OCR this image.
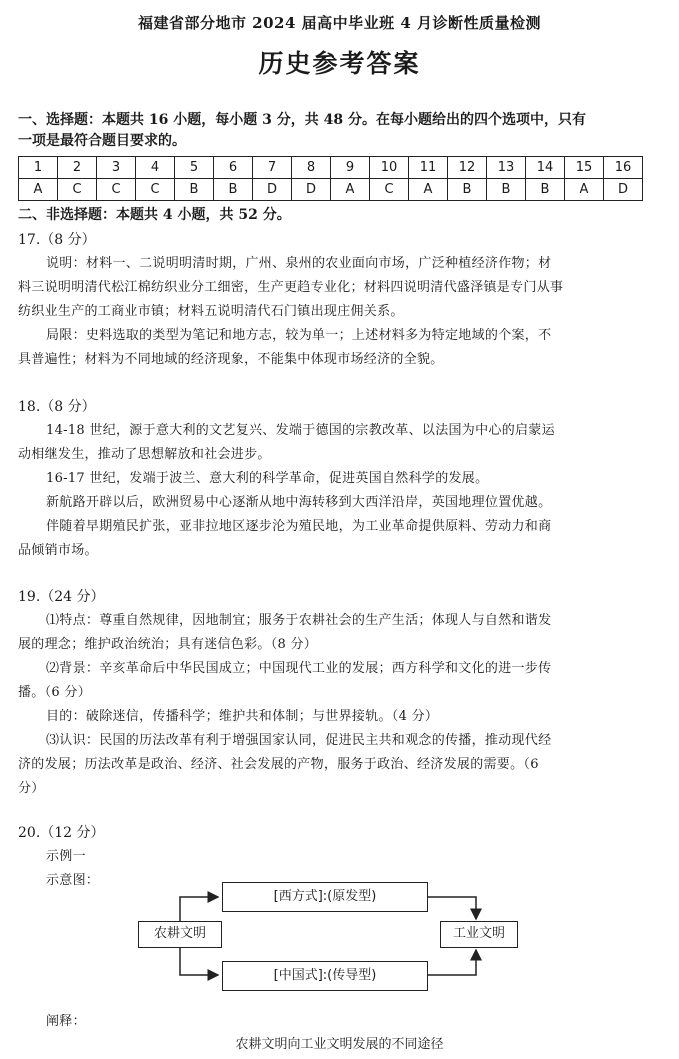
福建省部分地市 2024 届高中毕业班 4 月诊断性质量检测
历史参考答案
一、选择题：本题共 16 小题，每小题 3 分，共 48 分。在每小题给出的四个选项中，只有
一项是最符合题目要求的。
1	2	3	4	5	6	7	8	9	10	11	12	13	14	15	16
A	C	C	C	B	B	D	D	A	C	A	B	B	B	A	D
二、非选择题：本题共 4 小题，共 52 分。
17.（8 分）
说明：材料一、二说明明清时期，广州、泉州的农业面向市场，广泛种植经济作物；材
料三说明明清代松江棉纺织业分工细密，生产更趋专业化；材料四说明清代盛泽镇是专门从事
纺织业生产的工商业市镇；材料五说明清代石门镇出现庄佣关系。
局限：史料选取的类型为笔记和地方志，较为单一；上述材料多为特定地域的个案，不
具普遍性；材料为不同地域的经济现象，不能集中体现市场经济的全貌。
18.（8 分）
14-18 世纪，源于意大利的文艺复兴、发端于德国的宗教改革、以法国为中心的启蒙运
动相继发生，推动了思想解放和社会进步。
16-17 世纪，发端于波兰、意大利的科学革命，促进英国自然科学的发展。
新航路开辟以后，欧洲贸易中心逐渐从地中海转移到大西洋沿岸，英国地理位置优越。
伴随着早期殖民扩张，亚非拉地区逐步沦为殖民地，为工业革命提供原料、劳动力和商
品倾销市场。
19.（24 分）
⑴特点：尊重自然规律，因地制宜；服务于农耕社会的生产生活；体现人与自然和谐发
展的理念；维护政治统治；具有迷信色彩。（8 分）
⑵背景：辛亥革命后中华民国成立；中国现代工业的发展；西方科学和文化的进一步传
播。（6 分）
目的：破除迷信，传播科学；维护共和体制；与世界接轨。（4 分）
⑶认识：民国的历法改革有利于增强国家认同，促进民主共和观念的传播，推动现代经
济的发展；历法改革是政治、经济、社会发展的产物，服务于政治、经济发展的需要。（6
分）
20.（12 分）
示例一
示意图：
农耕文明
[西方式]:(原发型)
[中国式]:(传导型)
工业文明
阐释：
农耕文明向工业文明发展的不同途径
